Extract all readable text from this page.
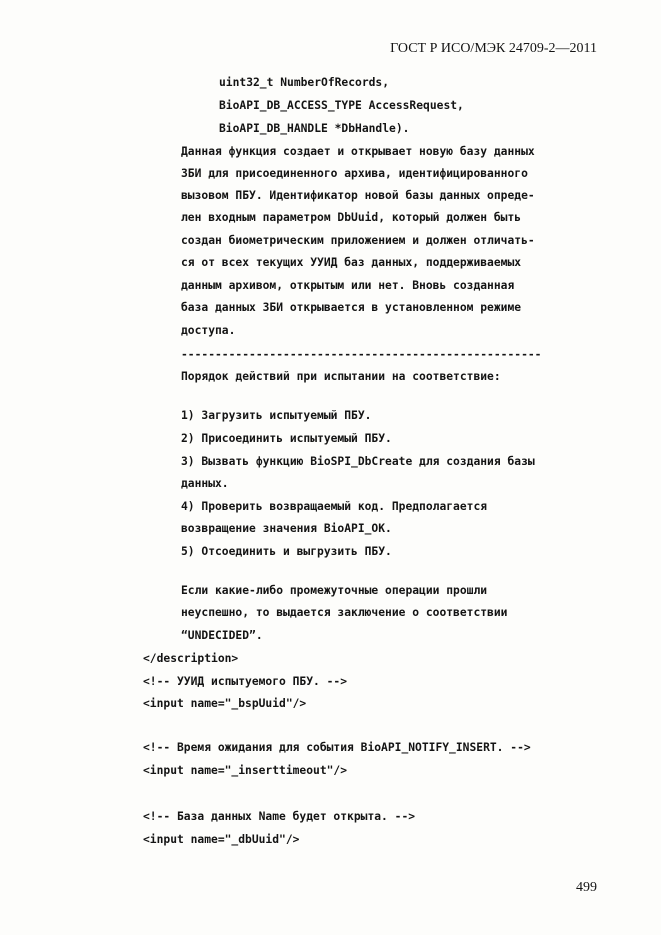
ГОСТ Р ИСО/МЭК 24709-2—2011
uint32_t NumberOfRecords,
BioAPI_DB_ACCESS_TYPE AccessRequest,
BioAPI_DB_HANDLE *DbHandle).
Данная функция создает и открывает новую базу данных
ЗБИ для присоединенного архива, идентифицированного
вызовом ПБУ. Идентификатор новой базы данных опреде-
лен входным параметром DbUuid, который должен быть
создан биометрическим приложением и должен отличать-
ся от всех текущих УУИД баз данных, поддерживаемых
данным архивом, открытым или нет. Вновь созданная
база данных ЗБИ открывается в установленном режиме
доступа.
-----------------------------------------------------
Порядок действий при испытании на соответствие:
1) Загрузить испытуемый ПБУ.
2) Присоединить испытуемый ПБУ.
3) Вызвать функцию BioSPI_DbCreate для создания базы
данных.
4) Проверить возвращаемый код. Предполагается
возвращение значения BioAPI_OK.
5) Отсоединить и выгрузить ПБУ.
Если какие-либо промежуточные операции прошли
неуспешно, то выдается заключение о соответствии
“UNDECIDED”.
</description>
<!-- УУИД испытуемого ПБУ. -->
<input name="_bspUuid"/>
<!-- Время ожидания для события BioAPI_NOTIFY_INSERT. -->
<input name="_inserttimeout"/>
<!-- База данных Name будет открыта. -->
<input name="_dbUuid"/>
499
